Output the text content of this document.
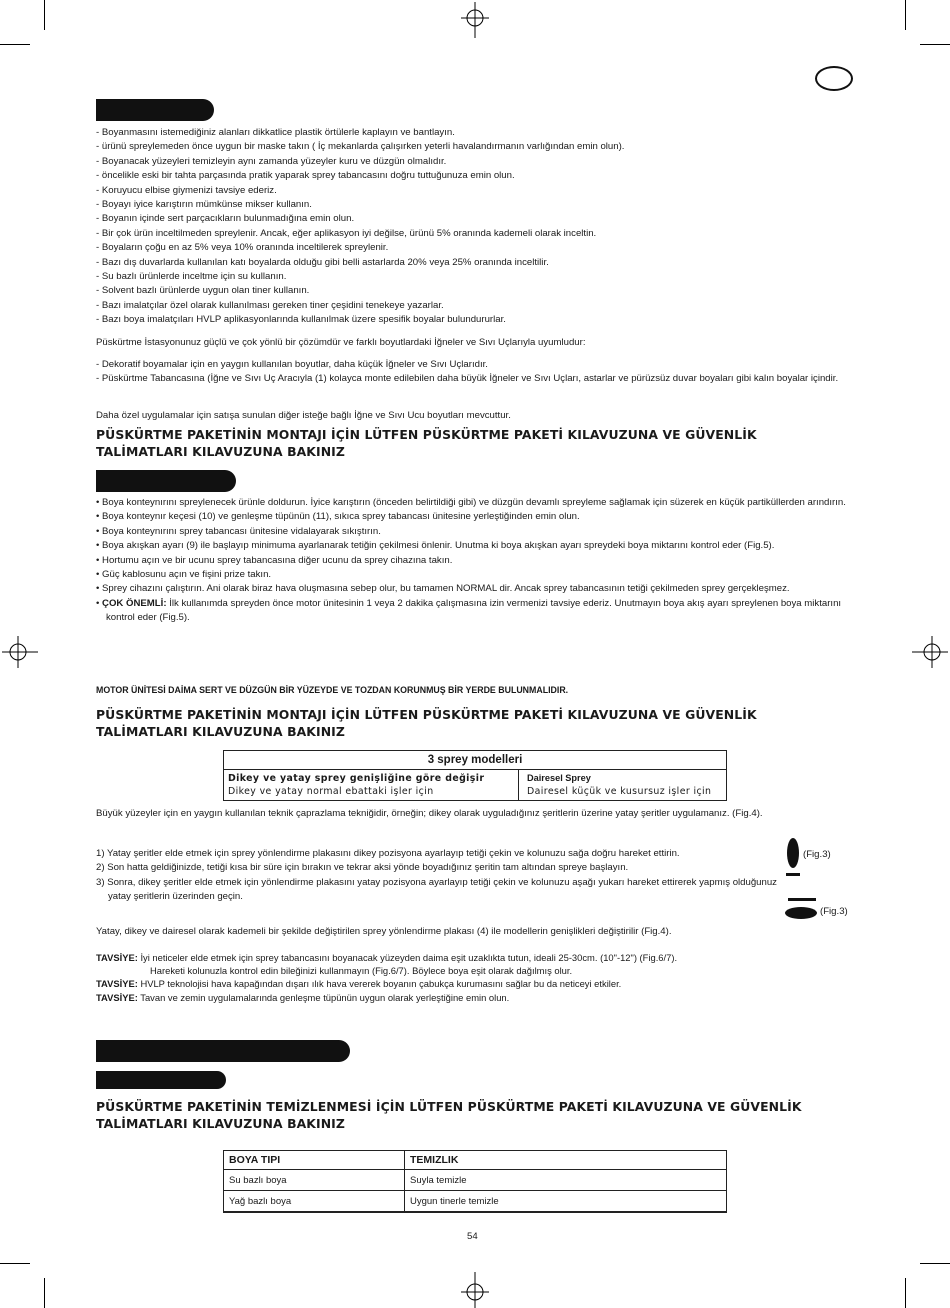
- Boyanmasını istemediğiniz alanları dikkatlice plastik örtülerle kaplayın ve bantlayın.

- ürünü spreylemeden önce uygun bir maske takın ( İç mekanlarda çalışırken yeterli havalandırmanın varlığından emin olun).

- Boyanacak yüzeyleri temizleyin aynı zamanda yüzeyler kuru ve düzgün olmalıdır.

- öncelikle eski bir tahta parçasında pratik yaparak sprey tabancasını doğru tuttuğunuza emin olun.

- Koruyucu elbise giymenizi tavsiye ederiz.

- Boyayı iyice karıştırın mümkünse mikser kullanın.

- Boyanın içinde sert parçacıkların bulunmadığına emin olun.

- Bir çok ürün inceltilmeden spreylenir. Ancak, eğer aplikasyon iyi değilse, ürünü 5% oranında kademeli olarak inceltin.

- Boyaların çoğu en az 5% veya 10% oranında inceltilerek spreylenir.

- Bazı dış duvarlarda kullanılan katı boyalarda olduğu gibi belli astarlarda 20% veya 25% oranında inceltilir.

- Su bazlı ürünlerde inceltme için su kullanın.

- Solvent bazlı ürünlerde uygun olan tiner kullanın.

- Bazı imalatçılar özel olarak kullanılması gereken tiner çeşidini tenekeye yazarlar.

- Bazı boya imalatçıları HVLP aplikasyonlarında kullanılmak üzere spesifik boyalar bulundururlar.

Püskürtme İstasyonunuz güçlü ve çok yönlü bir çözümdür ve farklı boyutlardaki İğneler ve Sıvı Uçlarıyla uyumludur:

- Dekoratif boyamalar için en yaygın kullanılan boyutlar, daha küçük İğneler ve Sıvı Uçlarıdır.

- Püskürtme Tabancasına (İğne ve Sıvı Uç Aracıyla (1) kolayca monte edilebilen daha büyük İğneler ve Sıvı Uçları, astarlar ve pürüzsüz duvar boyaları gibi kalın boyalar içindir.

Daha özel uygulamalar için satışa sunulan diğer isteğe bağlı İğne ve Sıvı Ucu boyutları mevcuttur.

PÜSKÜRTME PAKETİNİN MONTAJI İÇİN LÜTFEN PÜSKÜRTME PAKETİ KILAVUZUNA VE GÜVENLİK TALİMATLARI KILAVUZUNA BAKINIZ

• Boya konteynırını spreylenecek ürünle doldurun. İyice karıştırın (önceden belirtildiği gibi) ve düzgün devamlı spreyleme sağlamak için süzerek en küçük partiküllerden arındırın.

• Boya konteynır keçesi (10) ve genleşme tüpünün (11), sıkıca sprey tabancası ünitesine yerleştiğinden emin olun.

• Boya konteynırını sprey tabancası ünitesine vidalayarak sıkıştırın.

• Boya akışkan ayarı (9) ile başlayıp minimuma ayarlanarak tetiğin çekilmesi önlenir. Unutma ki boya akışkan ayarı spreydeki boya miktarını kontrol eder (Fig.5).

• Hortumu açın ve bir ucunu sprey tabancasına diğer ucunu da sprey cihazına takın.

• Güç kablosunu açın ve fişini prize takın.

• Sprey cihazını çalıştırın. Ani olarak biraz hava oluşmasına sebep olur, bu tamamen NORMAL dir. Ancak sprey tabancasının tetiği çekilmeden sprey gerçekleşmez.

• ÇOK ÖNEMLİ: İlk kullanımda spreyden önce motor ünitesinin 1 veya 2 dakika çalışmasına izin vermenizi tavsiye ederiz. Unutmayın boya akış ayarı spreylenen boya miktarını kontrol eder (Fig.5).

MOTOR ÜNİTESİ DAİMA SERT VE DÜZGÜN BİR YÜZEYDE VE TOZDAN KORUNMUŞ BİR YERDE BULUNMALIDIR.
PÜSKÜRTME PAKETİNİN MONTAJI İÇİN LÜTFEN PÜSKÜRTME PAKETİ KILAVUZUNA VE GÜVENLİK TALİMATLARI KILAVUZUNA BAKINIZ
3 sprey modelleri

Dikey ve yatay sprey genişliğine göre değişir
Dikey ve yatay normal ebattaki işler için

Dairesel Sprey
Dairesel küçük ve kusursuz işler için

Büyük yüzeyler için en yaygın kullanılan teknik çaprazlama tekniğidir, örneğin; dikey olarak uyguladığınız şeritlerin üzerine yatay şeritler uygulamanız. (Fig.4).

1) Yatay şeritler elde etmek için sprey yönlendirme plakasını dikey pozisyona ayarlayıp tetiği çekin ve kolunuzu sağa doğru hareket ettirin.

2) Son hatta geldiğinizde, tetiği kısa bir süre için bırakın ve tekrar aksi yönde boyadığınız şeritin tam altından spreye başlayın.

3) Sonra, dikey şeritler elde etmek için yönlendirme plakasını yatay pozisyona ayarlayıp tetiği çekin ve kolunuzu aşağı yukarı hareket ettirerek yapmış olduğunuz yatay şeritlerin üzerinden geçin.

(Fig.3)
(Fig.3)

Yatay, dikey ve dairesel olarak kademeli bir şekilde değiştirilen sprey yönlendirme plakası (4) ile modellerin genişlikleri değiştirilir (Fig.4).

TAVSİYE: İyi neticeler elde etmek için sprey tabancasını boyanacak yüzeyden daima eşit uzaklıkta tutun, ideali 25-30cm. (10"-12") (Fig.6/7).

Hareketi kolunuzla kontrol edin bileğinizi kullanmayın (Fig.6/7). Böylece boya eşit olarak dağılmış olur.

TAVSİYE: HVLP teknolojisi hava kapağından dışarı ılık hava vererek boyanın çabukça kurumasını sağlar bu da neticeyi etkiler.

TAVSİYE: Tavan ve zemin uygulamalarında genleşme tüpünün uygun olarak yerleştiğine emin olun.

PÜSKÜRTME PAKETİNİN TEMİZLENMESİ İÇİN LÜTFEN PÜSKÜRTME PAKETİ KILAVUZUNA VE GÜVENLİK TALİMATLARI KILAVUZUNA BAKINIZ
BOYA TIPI	TEMIZLIK
Su bazlı boya	Suyla temizle
Yağ bazlı boya	Uygun tinerle temizle
54
